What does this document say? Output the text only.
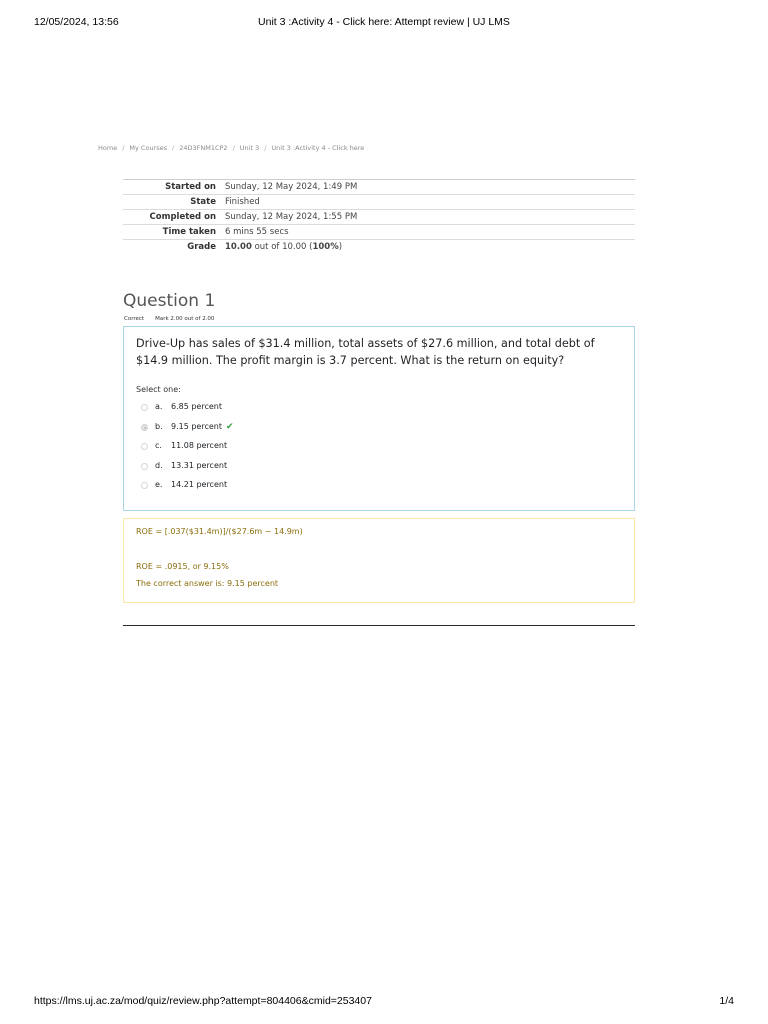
12/05/2024, 13:56	Unit 3 :Activity 4 - Click here: Attempt review | UJ LMS
Home / My Courses / 24D3FNM1CP2 / Unit 3 / Unit 3 :Activity 4 - Click here
Started on	Sunday, 12 May 2024, 1:49 PM
State	Finished
Completed on	Sunday, 12 May 2024, 1:55 PM
Time taken	6 mins 55 secs
Grade	10.00 out of 10.00 (100%)
Question 1
Correct Mark 2.00 out of 2.00
Drive-Up has sales of $31.4 million, total assets of $27.6 million, and total debt of $14.9 million. The profit margin is 3.7 percent. What is the return on equity?
Select one:
a. 6.85 percent
b. 9.15 percent ✔
c. 11.08 percent
d. 13.31 percent
e. 14.21 percent
ROE = [.037($31.4m)]/($27.6m − 14.9m)
ROE = .0915, or 9.15%
The correct answer is: 9.15 percent
https://lms.uj.ac.za/mod/quiz/review.php?attempt=804406&cmid=253407	1/4
